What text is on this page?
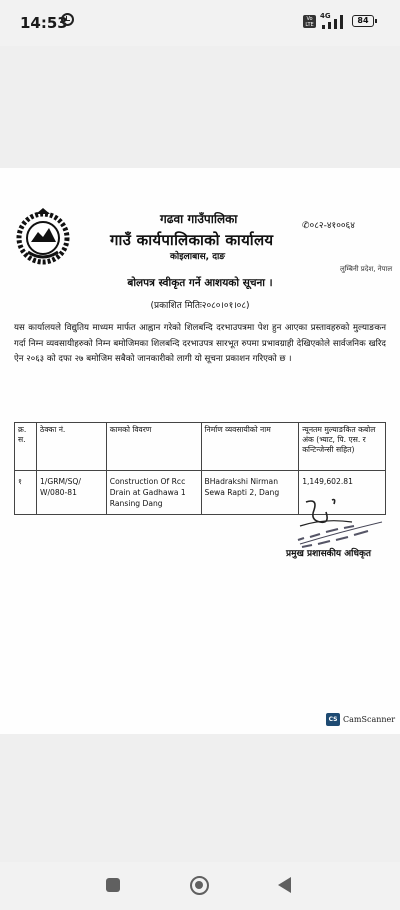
14:53	Vo LTE
4G	84
गढवा गाउँपालिका
गाउँ कार्यपालिकाको कार्यालय
कोइलाबास, दाङ
✆०८२-४१००६४
लुम्बिनी प्रदेश, नेपाल
बोलपत्र स्वीकृत गर्ने आशयको सूचना ।
(प्रकाशित मितिः२०८०।०१।०८)

यस कार्यालयले विद्युतिय माध्यम मार्फत आह्वान गरेको शिलबन्दि दरभाउपत्रमा पेश हुन आएका प्रस्तावहरुको मुल्याङकन गर्दा निम्न व्यवसायीहरुको निम्न बमोजिमका शिलबन्दि दरभाउपत्र सारभूत रुपमा प्रभावग्राही देखिएकोले सार्वजनिक खरिद ऐन २०६३ को दफा २७ बमोजिम सबैको जानकारीको लागी यो सूचना प्रकाशन गरिएको छ ।

क्र. स.	ठेक्का नं.	कामको विवरण	निर्माण व्यवसायीको नाम	न्यूनतम मुल्याङकित कबोल अंक (भ्याट, पि. एस. र कन्टिन्जेन्सी सहित)
१	1/GRM/SQ/ W/080-81	Construction Of Rcc Drain at Gadhawa 1 Ransing Dang	BHadrakshi Nirman Sewa Rapti 2, Dang	1,149,602.81
प्रमुख प्रशासकीय अधिकृत
CS CamScanner
